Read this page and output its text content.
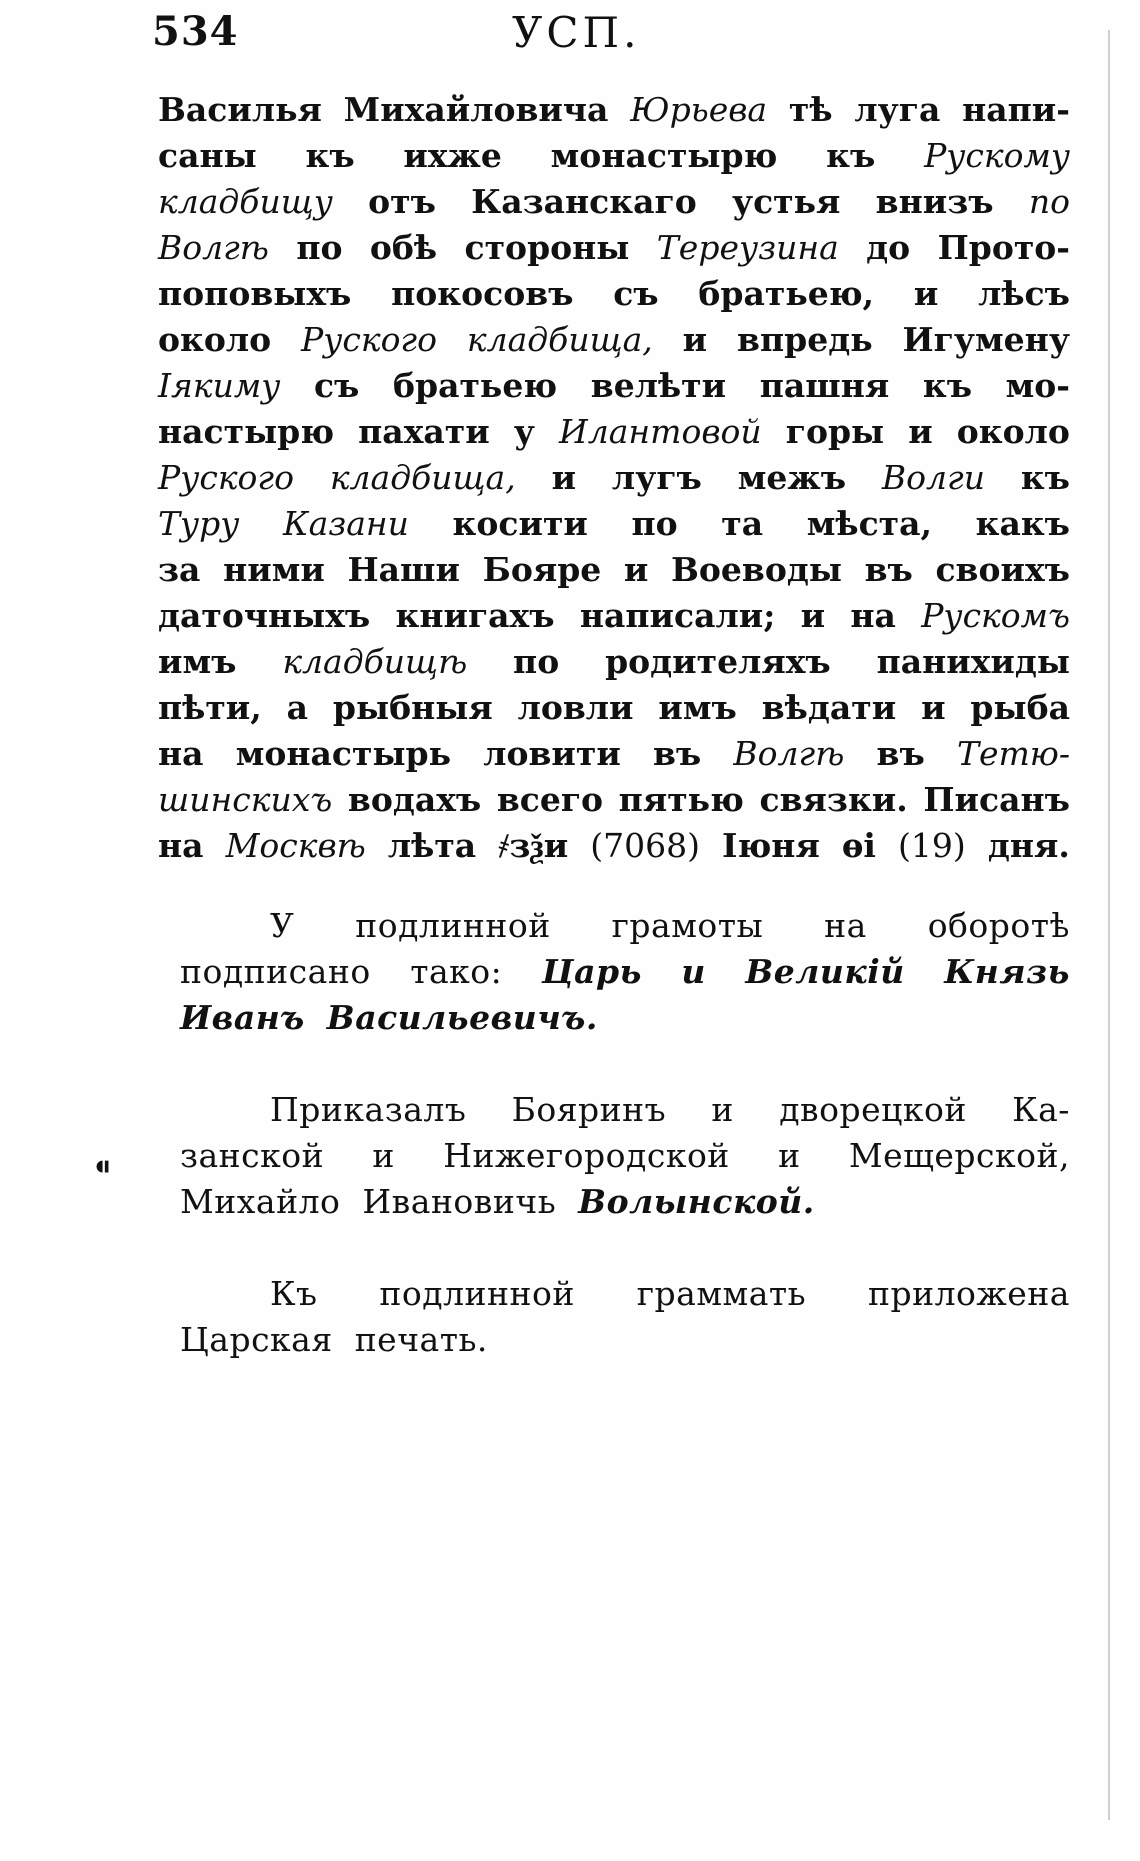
534	УСП.
⁌
Василья Михайловича Юрьева тѣ луга напи-
саны къ ихже монастырю къ Рускому
кладбищу отъ Казанскаго устья внизъ по
Волгѣ по обѣ стороны Тереузина до Прото-
поповыхъ покосовъ съ братьею, и лѣсъ
около Руского кладбища, и впредь Игумену
Іякиму съ братьею велѣти пашня къ мо-
настырю пахати у Илантовой горы и около
Руского кладбища, и лугъ межъ Волги къ
Туру Казани косити по та мѣста, какъ
за ними Наши Бояре и Воеводы въ своихъ
даточныхъ книгахъ написали; и на Рускомъ
имъ кладбищѣ по родителяхъ панихиды
пѣти, а рыбныя ловли имъ вѣдати и рыба
на монастырь ловити въ Волгѣ въ Тетю-
шинскихъ водахъ всего пятью связки. Писанъ
на Москвѣ лѣта ҂зѯи (7068) Іюня ѳі (19) дня.
У подлинной грамоты на оборотѣ
подписано тако: Царь и Великій Князь
Иванъ Васильевичъ.
Приказалъ Бояринъ и дворецкой Ка-
занской и Нижегородской и Мещерской,
Михайло Ивановичь Волынской.
Къ подлинной граммать приложена
Царская печать.
